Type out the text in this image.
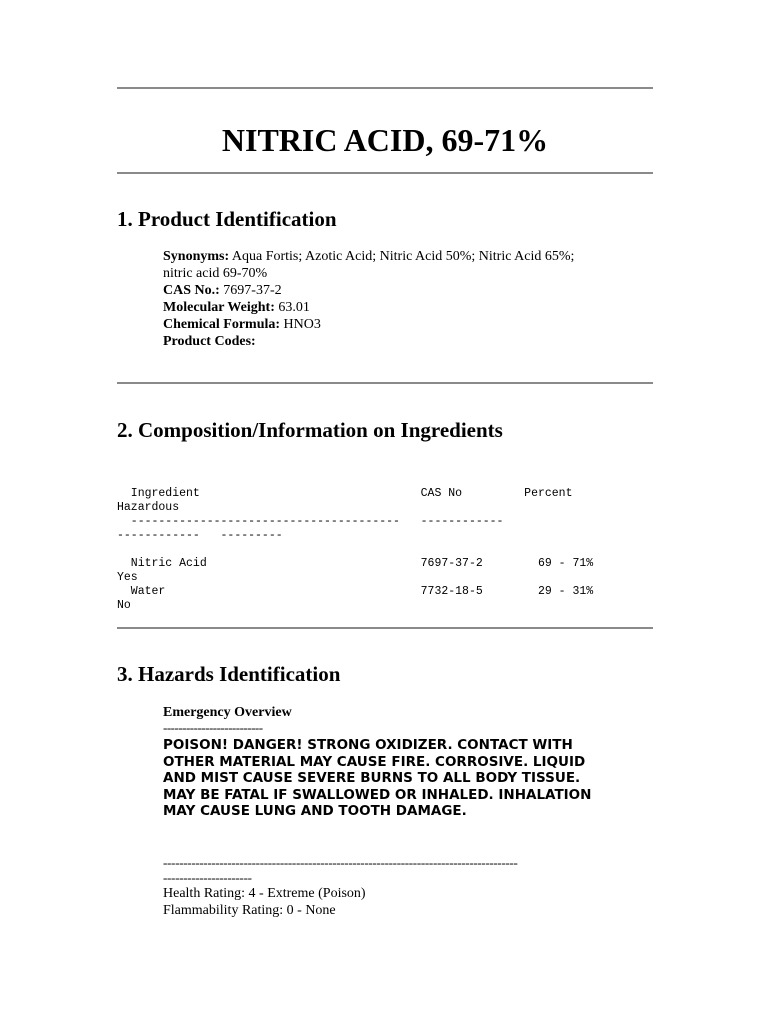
NITRIC ACID, 69-71%
1. Product Identification
Synonyms: Aqua Fortis; Azotic Acid; Nitric Acid 50%; Nitric Acid 65%; nitric acid 69-70%
CAS No.: 7697-37-2
Molecular Weight: 63.01
Chemical Formula: HNO3
Product Codes:
2. Composition/Information on Ingredients
Ingredient                                CAS No         Percent
Hazardous
---------------------------------------   ------------
------------   ---------

Nitric Acid                               7697-37-2        69 - 71%
Yes
Water                                     7732-18-5        29 - 31%
No
3. Hazards Identification
Emergency Overview
--------------------------

POISON! DANGER! STRONG OXIDIZER. CONTACT WITH OTHER MATERIAL MAY CAUSE FIRE. CORROSIVE. LIQUID AND MIST CAUSE SEVERE BURNS TO ALL BODY TISSUE. MAY BE FATAL IF SWALLOWED OR INHALED. INHALATION MAY CAUSE LUNG AND TOOTH DAMAGE.

----------------------------------------------------------------------------------------
----------------------
Health Rating: 4 - Extreme (Poison)
Flammability Rating: 0 - None
